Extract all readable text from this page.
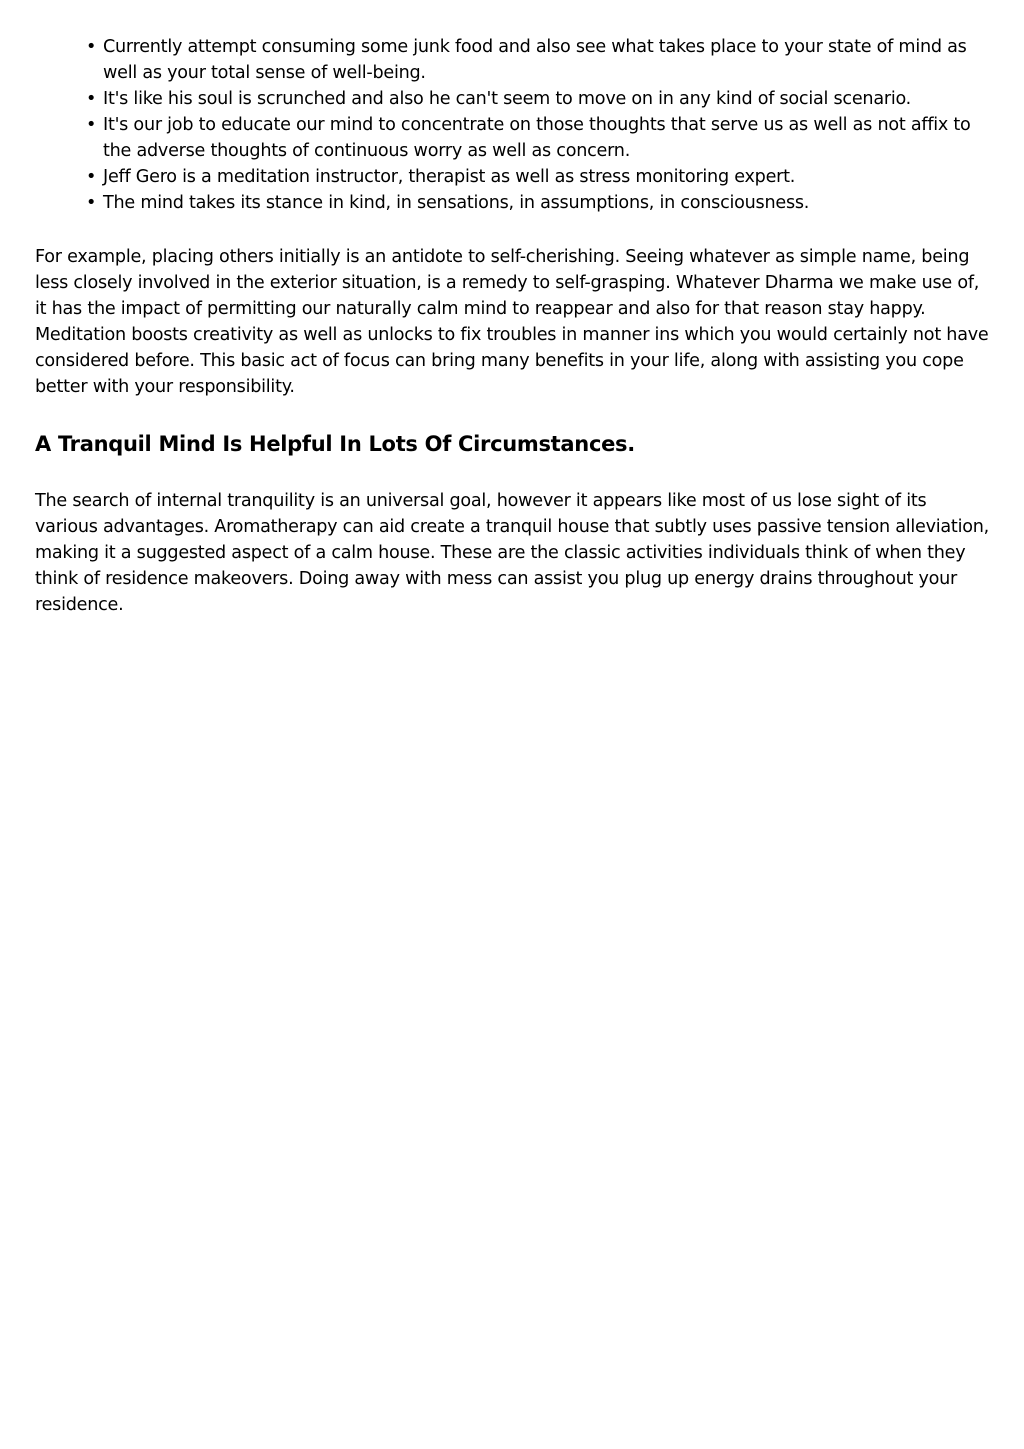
• Currently attempt consuming some junk food and also see what takes place to your state of mind as well as your total sense of well-being.
• It's like his soul is scrunched and also he can't seem to move on in any kind of social scenario.
• It's our job to educate our mind to concentrate on those thoughts that serve us as well as not affix to the adverse thoughts of continuous worry as well as concern.
• Jeff Gero is a meditation instructor, therapist as well as stress monitoring expert.
• The mind takes its stance in kind, in sensations, in assumptions, in consciousness.

For example, placing others initially is an antidote to self-cherishing. Seeing whatever as simple name, being less closely involved in the exterior situation, is a remedy to self-grasping. Whatever Dharma we make use of, it has the impact of permitting our naturally calm mind to reappear and also for that reason stay happy. Meditation boosts creativity as well as unlocks to fix troubles in manner ins which you would certainly not have considered before. This basic act of focus can bring many benefits in your life, along with assisting you cope better with your responsibility.

A Tranquil Mind Is Helpful In Lots Of Circumstances.

The search of internal tranquility is an universal goal, however it appears like most of us lose sight of its various advantages. Aromatherapy can aid create a tranquil house that subtly uses passive tension alleviation, making it a suggested aspect of a calm house. These are the classic activities individuals think of when they think of residence makeovers. Doing away with mess can assist you plug up energy drains throughout your residence.
